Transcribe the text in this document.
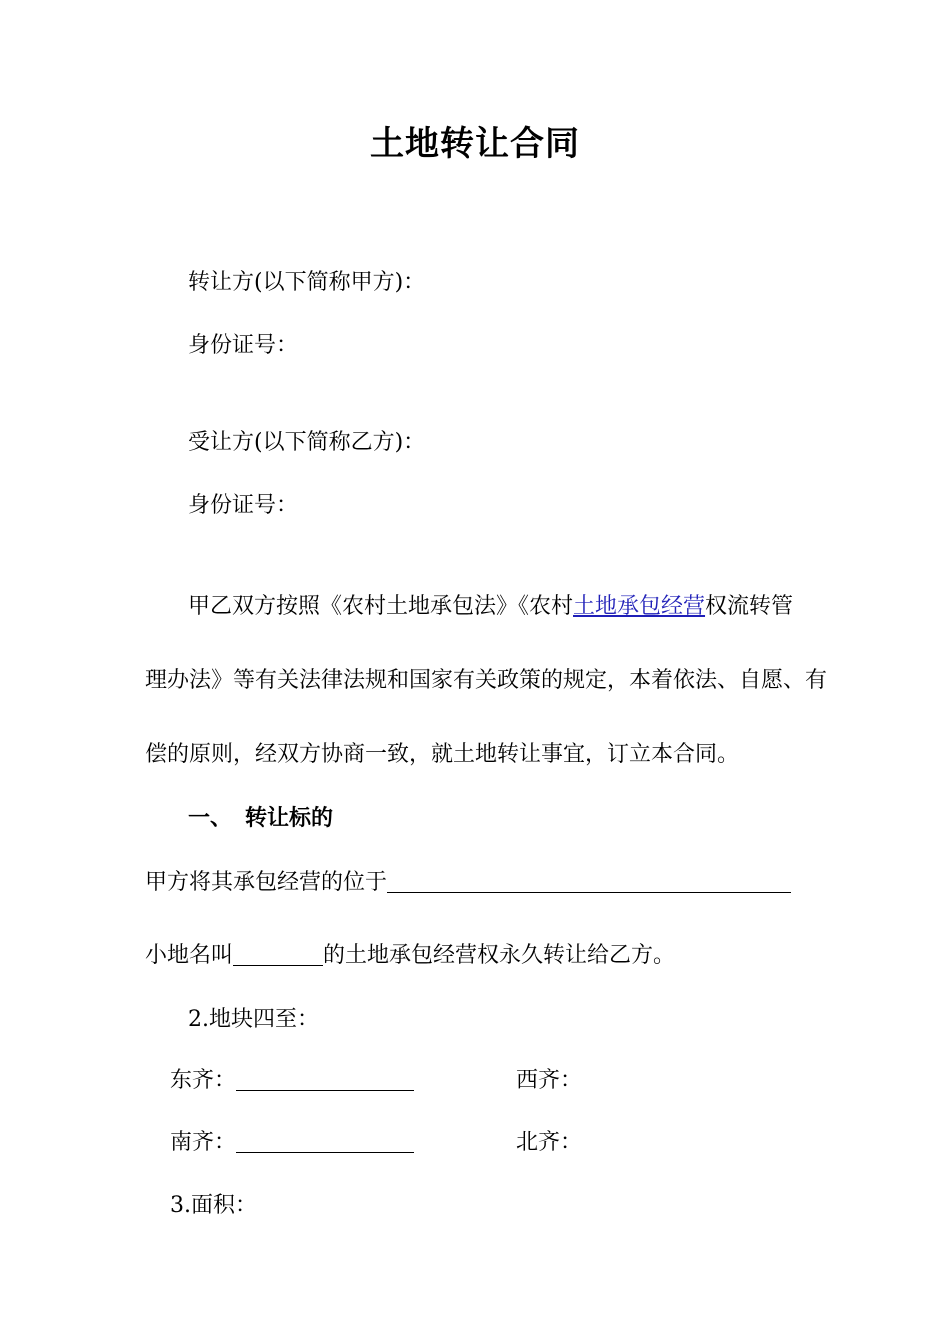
土地转让合同
转让方(以下简称甲方)：
身份证号：
受让方(以下简称乙方)：
身份证号：
甲乙双方按照《农村土地承包法》《农村土地承包经营权流转管
理办法》等有关法律法规和国家有关政策的规定，本着依法、自愿、有
偿的原则，经双方协商一致，就土地转让事宜，订立本合同。
一、 转让标的
甲方将其承包经营的位于
小地名叫	的土地承包经营权永久转让给乙方。
2.地块四至：
东齐：	西齐：
南齐：	北齐：
3.面积：
